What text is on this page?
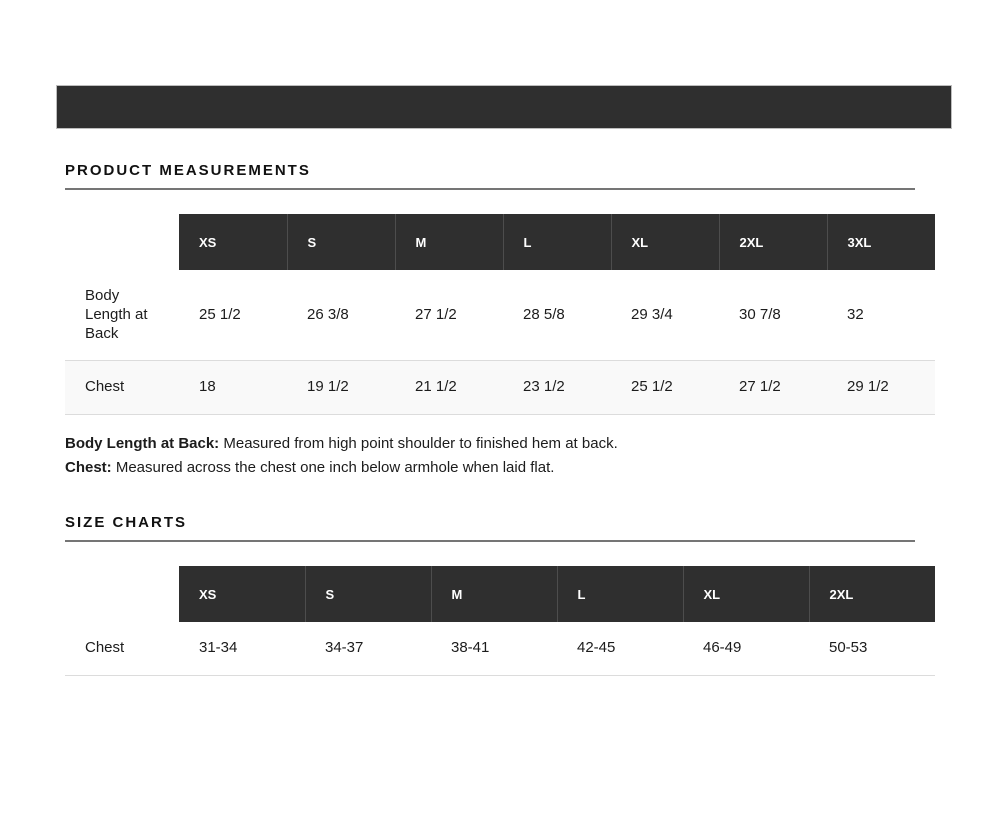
PRODUCT MEASUREMENTS
	XS	S	M	L	XL	2XL	3XL
Body Length at Back	25 1/2	26 3/8	27 1/2	28 5/8	29 3/4	30 7/8	32
Chest	18	19 1/2	21 1/2	23 1/2	25 1/2	27 1/2	29 1/2

Body Length at Back: Measured from high point shoulder to finished hem at back.

Chest: Measured across the chest one inch below armhole when laid flat.

SIZE CHARTS
	XS	S	M	L	XL	2XL
Chest	31-34	34-37	38-41	42-45	46-49	50-53
